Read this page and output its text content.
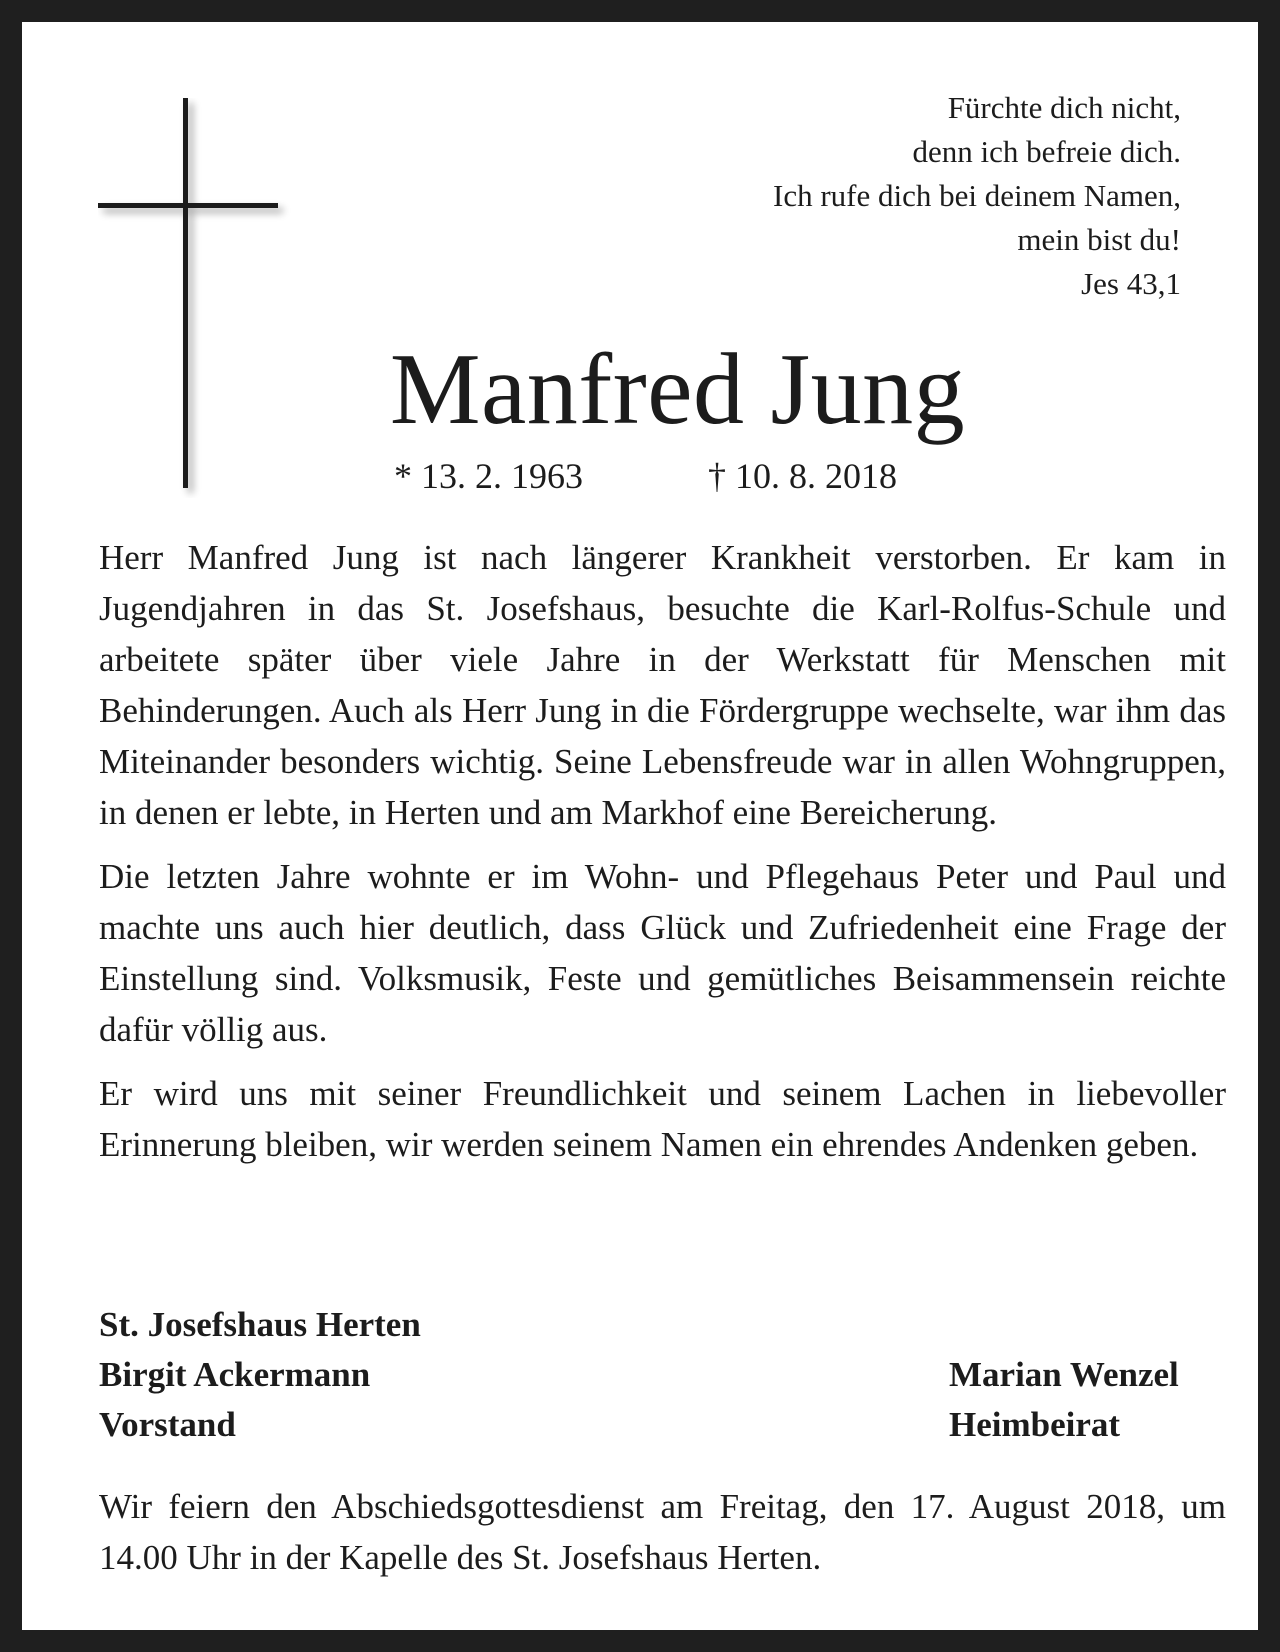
Fürchte dich nicht,
denn ich befreie dich.
Ich rufe dich bei deinem Namen,
mein bist du!
Jes 43,1
Manfred Jung
* 13. 2. 1963	† 10. 8. 2018

Herr Manfred Jung ist nach längerer Krankheit verstorben. Er kam in Jugendjahren in das St. Josefshaus, besuchte die Karl-Rolfus-Schule und arbeitete später über viele Jahre in der Werkstatt für Menschen mit Behinderungen. Auch als Herr Jung in die Fördergruppe wechselte, war ihm das Miteinander besonders wichtig. Seine Lebensfreude war in allen Wohngruppen, in denen er lebte, in Herten und am Markhof eine Bereicherung.

Die letzten Jahre wohnte er im Wohn- und Pflegehaus Peter und Paul und machte uns auch hier deutlich, dass Glück und Zufriedenheit eine Frage der Einstellung sind. Volksmusik, Feste und gemütliches Beisammensein reichte dafür völlig aus.

Er wird uns mit seiner Freundlichkeit und seinem Lachen in liebevoller Erinnerung bleiben, wir werden seinem Namen ein ehrendes Andenken geben.

St. Josefshaus Herten
Birgit Ackermann	Marian Wenzel
Vorstand	Heimbeirat
Wir feiern den Abschiedsgottesdienst am Freitag, den 17. August 2018, um 14.00 Uhr in der Kapelle des St. Josefshaus Herten.
